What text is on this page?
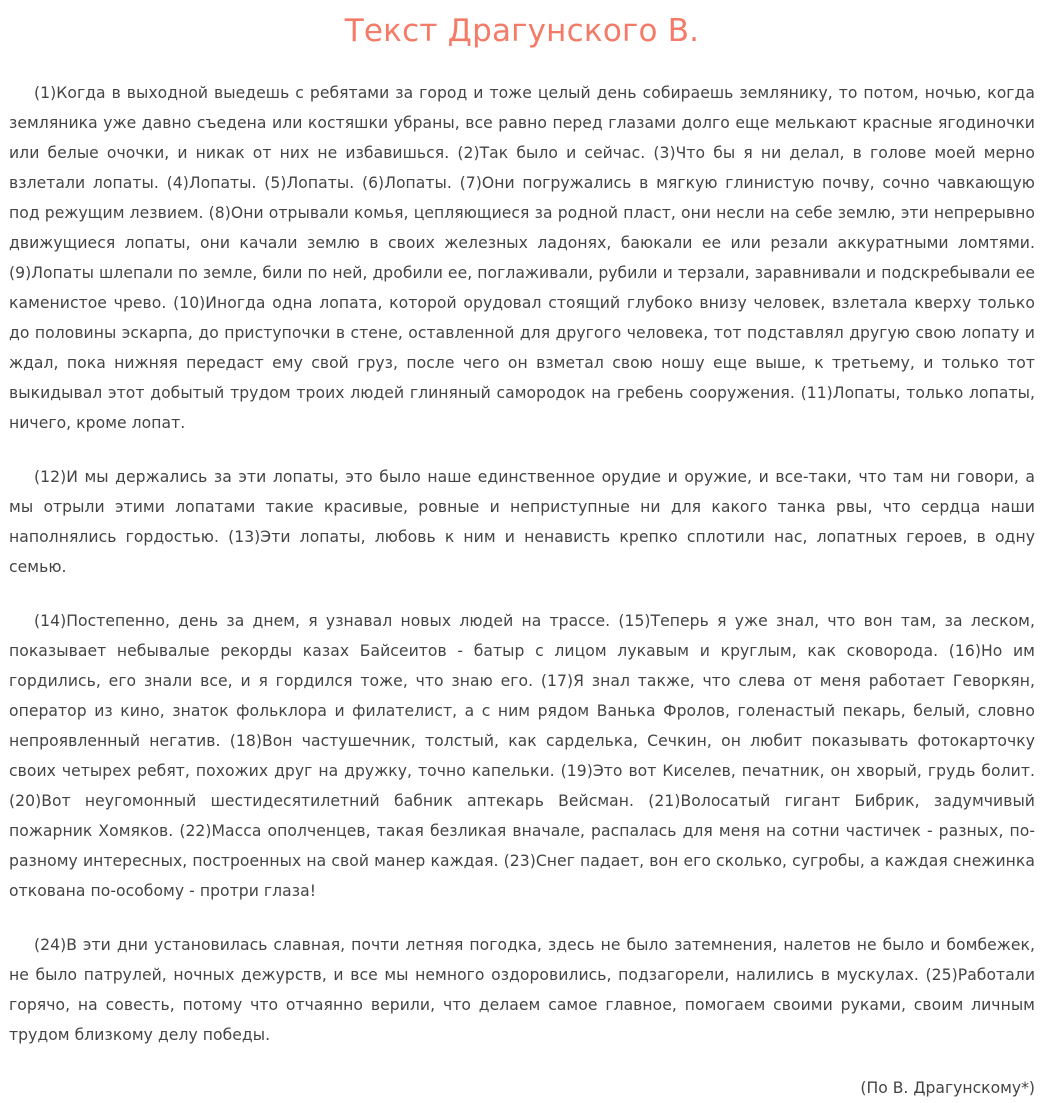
Текст Драгунского В.

(1)Когда в выходной выедешь с ребятами за город и тоже целый день собираешь землянику, то потом, ночью, когда земляника уже давно съедена или костяшки убраны, все равно перед глазами долго еще мелькают красные ягодиночки или белые очочки, и никак от них не избавишься. (2)Так было и сейчас. (3)Что бы я ни делал, в голове моей мерно взлетали лопаты. (4)Лопаты. (5)Лопаты. (6)Лопаты. (7)Они погружались в мягкую глинистую почву, сочно чавкающую под режущим лезвием. (8)Они отрывали комья, цепляющиеся за родной пласт, они несли на себе землю, эти непрерывно движущиеся лопаты, они качали землю в своих железных ладонях, баюкали ее или резали аккуратными ломтями. (9)Лопаты шлепали по земле, били по ней, дробили ее, поглаживали, рубили и терзали, заравнивали и подскребывали ее каменистое чрево. (10)Иногда одна лопата, которой орудовал стоящий глубоко внизу человек, взлетала кверху только до половины эскарпа, до приступочки в стене, оставленной для другого человека, тот подставлял другую свою лопату и ждал, пока нижняя передаст ему свой груз, после чего он взметал свою ношу еще выше, к третьему, и только тот выкидывал этот добытый трудом троих людей глиняный самородок на гребень сооружения. (11)Лопаты, только лопаты, ничего, кроме лопат.

(12)И мы держались за эти лопаты, это было наше единственное орудие и оружие, и все-таки, что там ни говори, а мы отрыли этими лопатами такие красивые, ровные и неприступные ни для какого танка рвы, что сердца наши наполнялись гордостью. (13)Эти лопаты, любовь к ним и ненависть крепко сплотили нас, лопатных героев, в одну семью.

(14)Постепенно, день за днем, я узнавал новых людей на трассе. (15)Теперь я уже знал, что вон там, за леском, показывает небывалые рекорды казах Байсеитов - батыр с лицом лукавым и круглым, как сковорода. (16)Но им гордились, его знали все, и я гордился тоже, что знаю его. (17)Я знал также, что слева от меня работает Геворкян, оператор из кино, знаток фольклора и филателист, а с ним рядом Ванька Фролов, голенастый пекарь, белый, словно непроявленный негатив. (18)Вон частушечник, толстый, как сарделька, Сечкин, он любит показывать фотокарточку своих четырех ребят, похожих друг на дружку, точно капельки. (19)Это вот Киселев, печатник, он хворый, грудь болит. (20)Вот неугомонный шестидесятилетний бабник аптекарь Вейсман. (21)Волосатый гигант Бибрик, задумчивый пожарник Хомяков. (22)Масса ополченцев, такая безликая вначале, распалась для меня на сотни частичек - разных, по-разному интересных, построенных на свой манер каждая. (23)Снег падает, вон его сколько, сугробы, а каждая снежинка откована по-особому - протри глаза!

(24)В эти дни установилась славная, почти летняя погодка, здесь не было затемнения, налетов не было и бомбежек, не было патрулей, ночных дежурств, и все мы немного оздоровились, подзагорели, налились в мускулах. (25)Работали горячо, на совесть, потому что отчаянно верили, что делаем самое главное, помогаем своими руками, своим личным трудом близкому делу победы.

(По В. Драгунскому*)
